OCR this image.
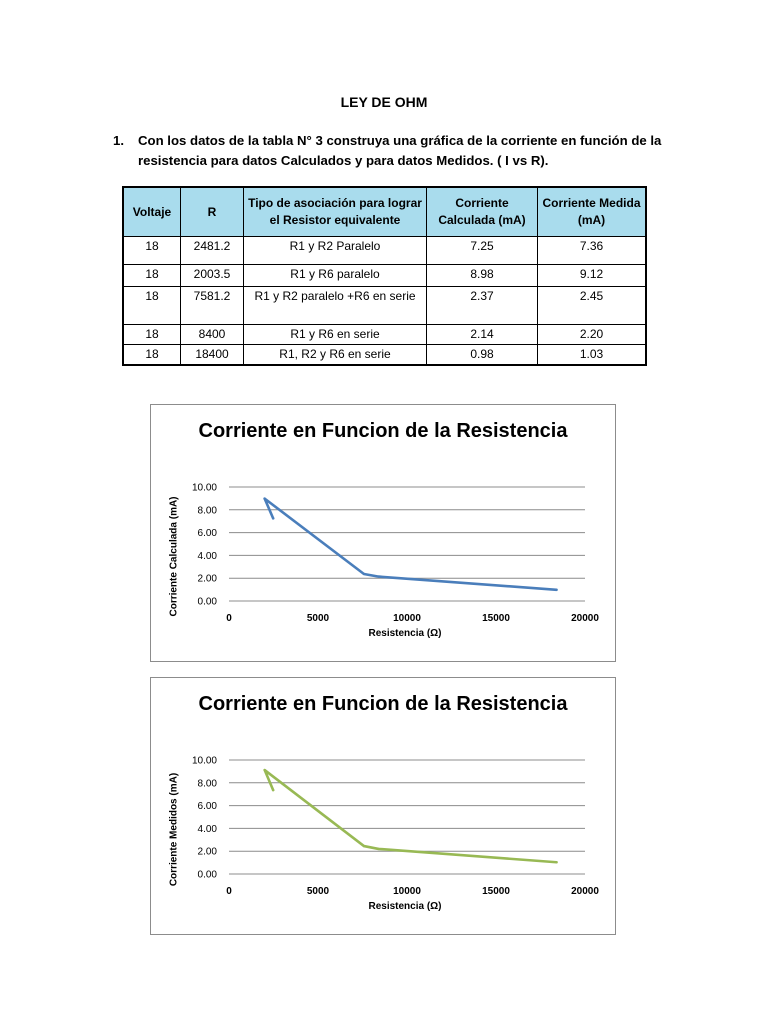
LEY DE OHM
1.	Con los datos de la tabla N° 3 construya una gráfica de la corriente en función de la resistencia para datos Calculados y para datos Medidos. ( I vs R).
Voltaje	R	Tipo de asociación para lograr el Resistor equivalente	Corriente Calculada (mA)	Corriente Medida (mA)
18	2481.2	R1 y R2 Paralelo	7.25	7.36
18	2003.5	R1 y R6 paralelo	8.98	9.12
18	7581.2	R1 y R2 paralelo +R6 en serie	2.37	2.45
18	8400	R1 y R6 en serie	2.14	2.20
18	18400	R1, R2 y R6 en serie	0.98	1.03
0.00
2.00
4.00
6.00
8.00
10.00
0	5000	10000	15000	20000
Corriente en Funcion de la Resistencia
Corriente Calculada (mA)
Resistencia (Ω)
0.00
2.00
4.00
6.00
8.00
10.00
0	5000	10000	15000	20000
Corriente en Funcion de la Resistencia
Corriente Medidos (mA)
Resistencia (Ω)
